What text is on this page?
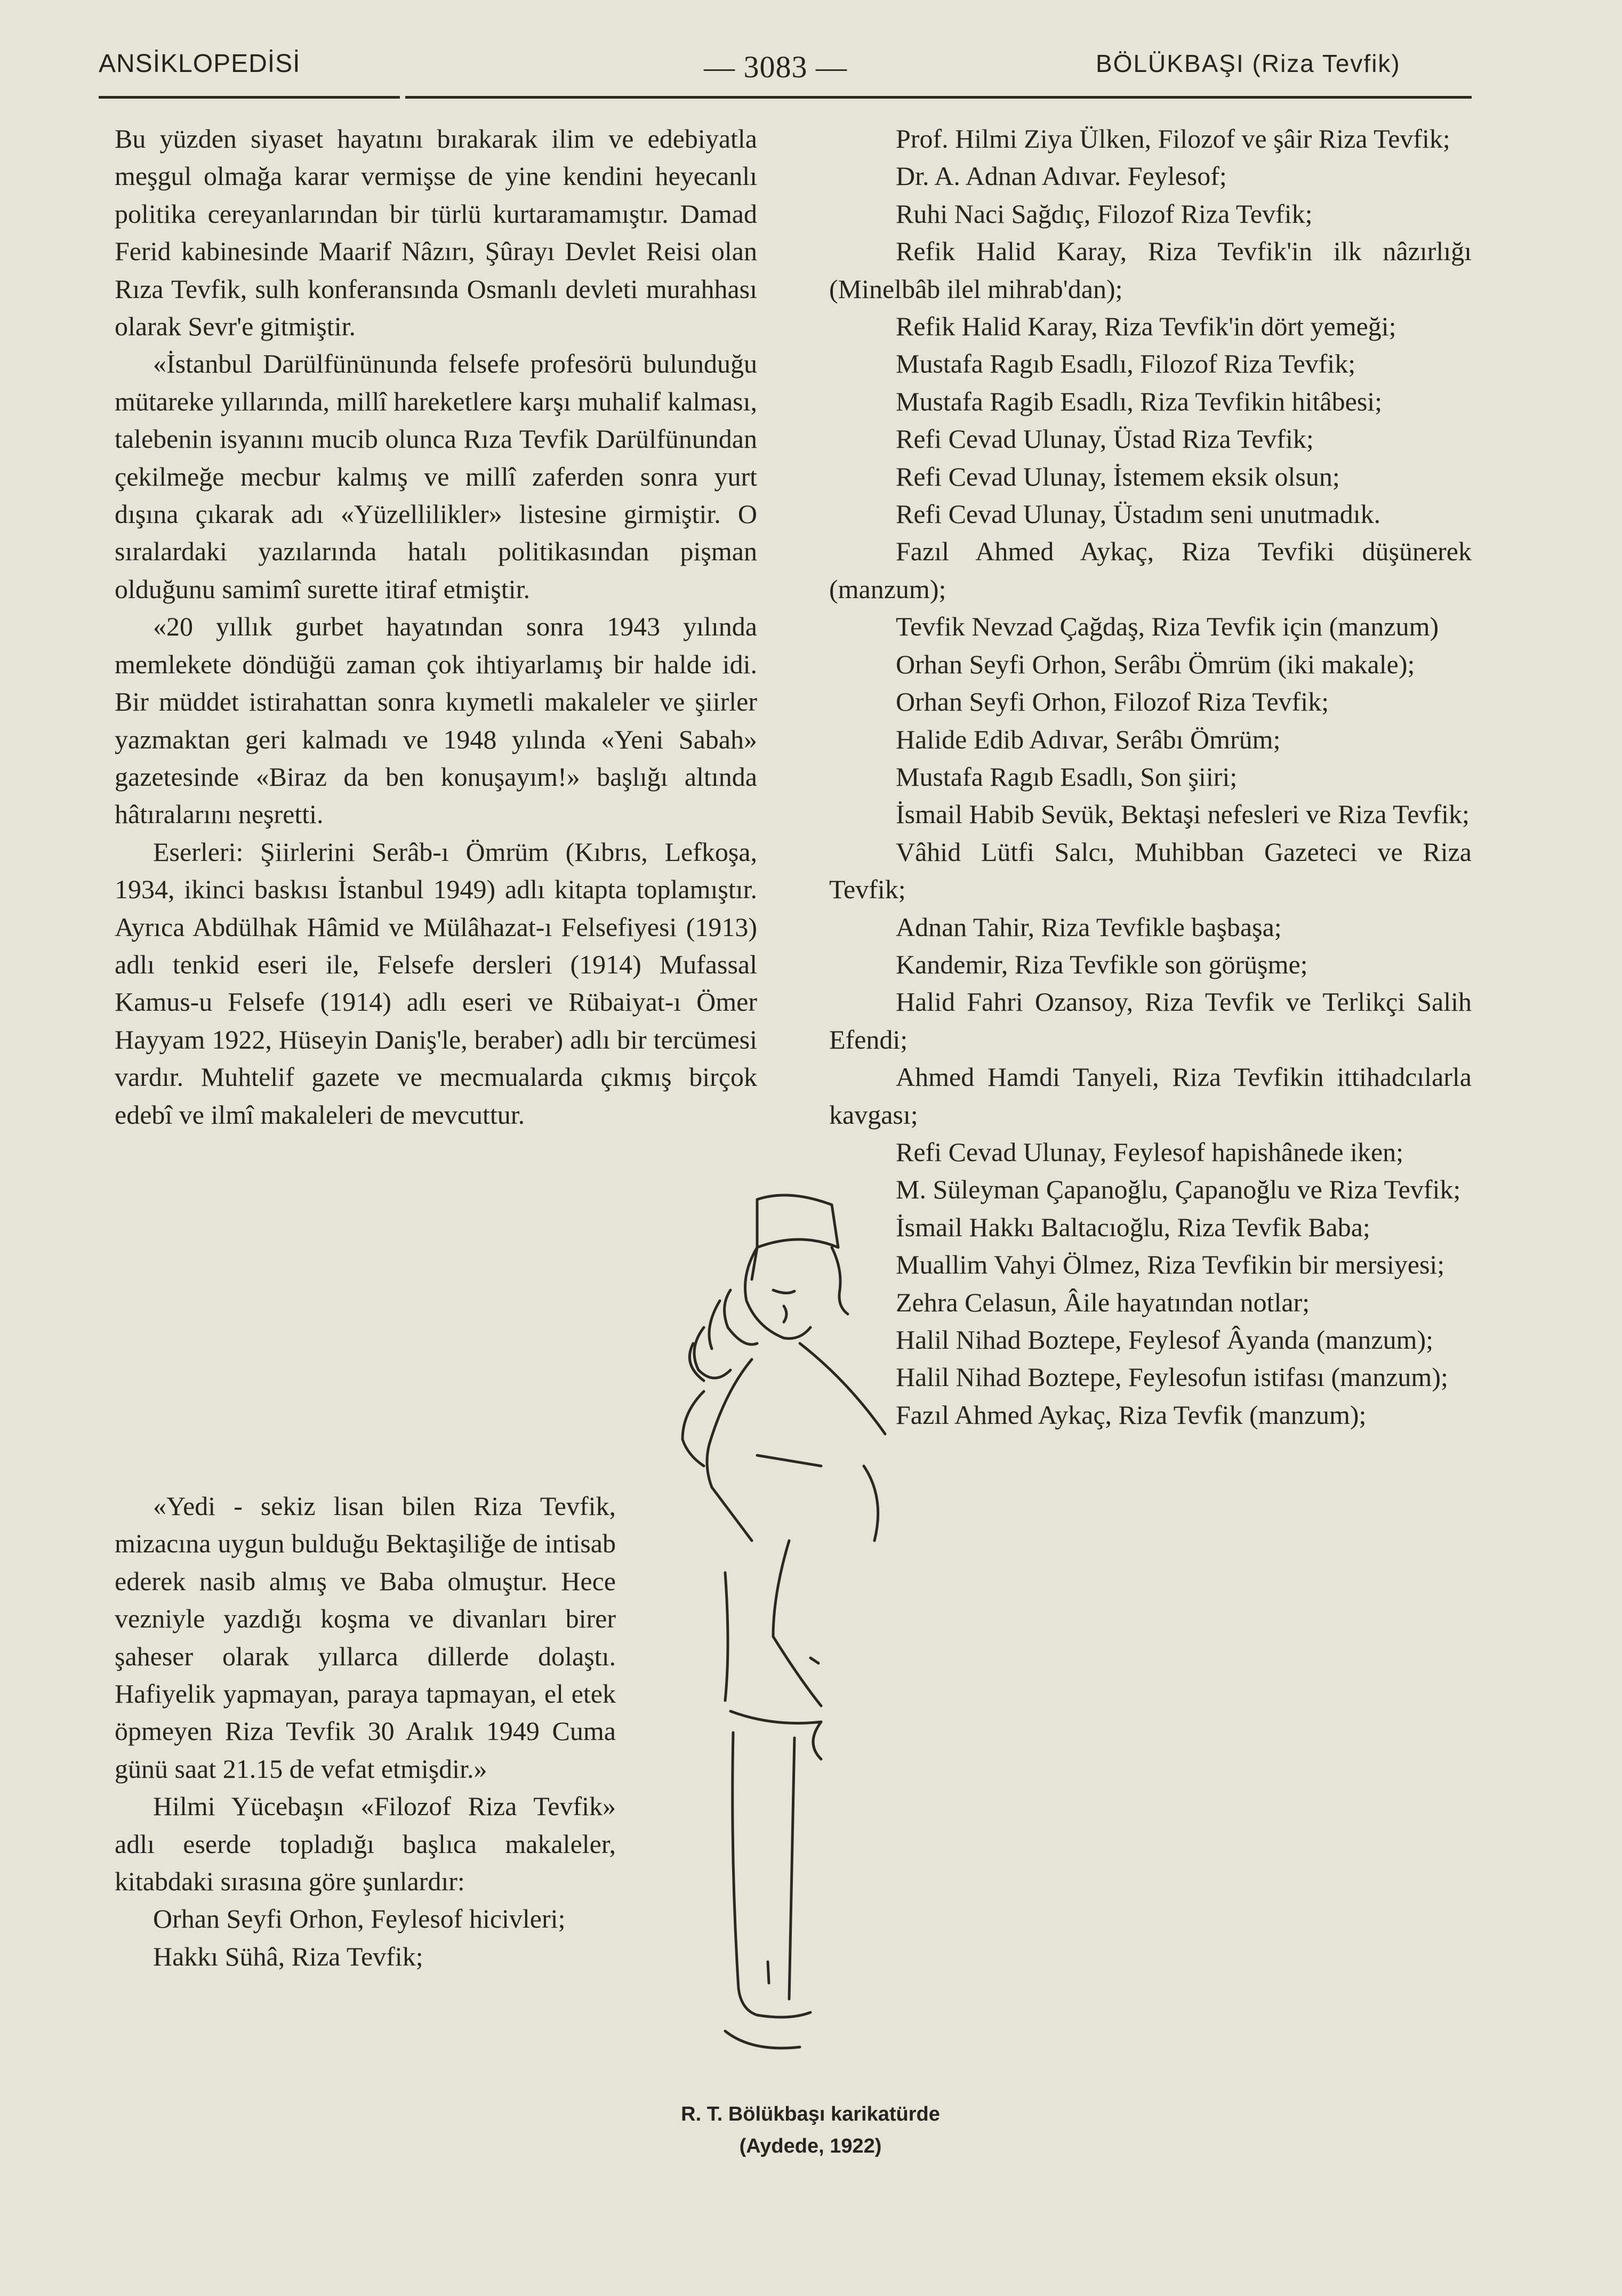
ANSİKLOPEDİSİ	— 3083 —	BÖLÜKBAŞI (Riza Tevfik)

Bu yüzden siyaset hayatını bırakarak ilim ve edebiyatla meşgul olmağa karar vermişse de yine kendini heyecanlı politika cereyanlarından bir türlü kurtaramamıştır. Damad Ferid kabinesinde Maarif Nâzırı, Şûrayı Devlet Reisi olan Rıza Tevfik, sulh konferansında Osmanlı devleti murahhası olarak Sevr'e gitmiştir.

«İstanbul Darülfününunda felsefe profesörü bulunduğu mütareke yıllarında, millî hareketlere karşı muhalif kalması, talebenin isyanını mucib olunca Rıza Tevfik Darülfünundan çekilmeğe mecbur kalmış ve millî zaferden sonra yurt dışına çıkarak adı «Yüzellilikler» listesine girmiştir. O sıralardaki yazılarında hatalı politikasından pişman olduğunu samimî surette itiraf etmiştir.

«20 yıllık gurbet hayatından sonra 1943 yılında memlekete döndüğü zaman çok ihtiyarlamış bir halde idi. Bir müddet istirahattan sonra kıymetli makaleler ve şiirler yazmaktan geri kalmadı ve 1948 yılında «Yeni Sabah» gazetesinde «Biraz da ben konuşayım!» başlığı altında hâtıralarını neşretti.

Eserleri: Şiirlerini Serâb-ı Ömrüm (Kıbrıs, Lefkoşa, 1934, ikinci baskısı İstanbul 1949) adlı kitapta toplamıştır. Ayrıca Abdülhak Hâmid ve Mülâhazat-ı Felsefiyesi (1913) adlı tenkid eseri ile, Felsefe dersleri (1914) Mufassal Kamus-u Felsefe (1914) adlı eseri ve Rübaiyat-ı Ömer Hayyam 1922, Hüseyin Daniş'le, beraber) adlı bir tercümesi vardır. Muhtelif gazete ve mecmualarda çıkmış birçok edebî ve ilmî makaleleri de mevcuttur.

«Yedi - sekiz lisan bilen Riza Tevfik, mizacına uygun bulduğu Bektaşiliğe de intisab ederek nasib almış ve Baba olmuştur. Hece vezniyle yazdığı koşma ve divanları birer şaheser olarak yıllarca dillerde dolaştı. Hafiyelik yapmayan, paraya tapmayan, el etek öpmeyen Riza Tevfik 30 Aralık 1949 Cuma günü saat 21.15 de vefat etmişdir.»

Hilmi Yücebaşın «Filozof Riza Tevfik» adlı eserde topladığı başlıca makaleler, kitabdaki sırasına göre şunlardır:

Orhan Seyfi Orhon, Feylesof hicivleri;

Hakkı Sühâ, Riza Tevfik;

Prof. Hilmi Ziya Ülken, Filozof ve şâir Riza Tevfik;

Dr. A. Adnan Adıvar. Feylesof;

Ruhi Naci Sağdıç, Filozof Riza Tevfik;

Refik Halid Karay, Riza Tevfik'in ilk nâzırlığı (Minelbâb ilel mihrab'dan);

Refik Halid Karay, Riza Tevfik'in dört yemeği;

Mustafa Ragıb Esadlı, Filozof Riza Tevfik;

Mustafa Ragib Esadlı, Riza Tevfikin hitâbesi;

Refi Cevad Ulunay, Üstad Riza Tevfik;

Refi Cevad Ulunay, İstemem eksik olsun;

Refi Cevad Ulunay, Üstadım seni unutmadık.

Fazıl Ahmed Aykaç, Riza Tevfiki düşünerek (manzum);

Tevfik Nevzad Çağdaş, Riza Tevfik için (manzum)

Orhan Seyfi Orhon, Serâbı Ömrüm (iki makale);

Orhan Seyfi Orhon, Filozof Riza Tevfik;

Halide Edib Adıvar, Serâbı Ömrüm;

Mustafa Ragıb Esadlı, Son şiiri;

İsmail Habib Sevük, Bektaşi nefesleri ve Riza Tevfik;

Vâhid Lütfi Salcı, Muhibban Gazeteci ve Riza Tevfik;

Adnan Tahir, Riza Tevfikle başbaşa;

Kandemir, Riza Tevfikle son görüşme;

Halid Fahri Ozansoy, Riza Tevfik ve Terlikçi Salih Efendi;

Ahmed Hamdi Tanyeli, Riza Tevfikin ittihadcılarla kavgası;

Refi Cevad Ulunay, Feylesof hapishânede iken;

M. Süleyman Çapanoğlu, Çapanoğlu ve Riza Tevfik;

İsmail Hakkı Baltacıoğlu, Riza Tevfik Baba;

Muallim Vahyi Ölmez, Riza Tevfikin bir mersiyesi;

Zehra Celasun, Âile hayatından notlar;

Halil Nihad Boztepe, Feylesof Âyanda (manzum);

Halil Nihad Boztepe, Feylesofun istifası (manzum);

Fazıl Ahmed Aykaç, Riza Tevfik (manzum);

R. T. Bölükbaşı karikatürde
(Aydede, 1922)
